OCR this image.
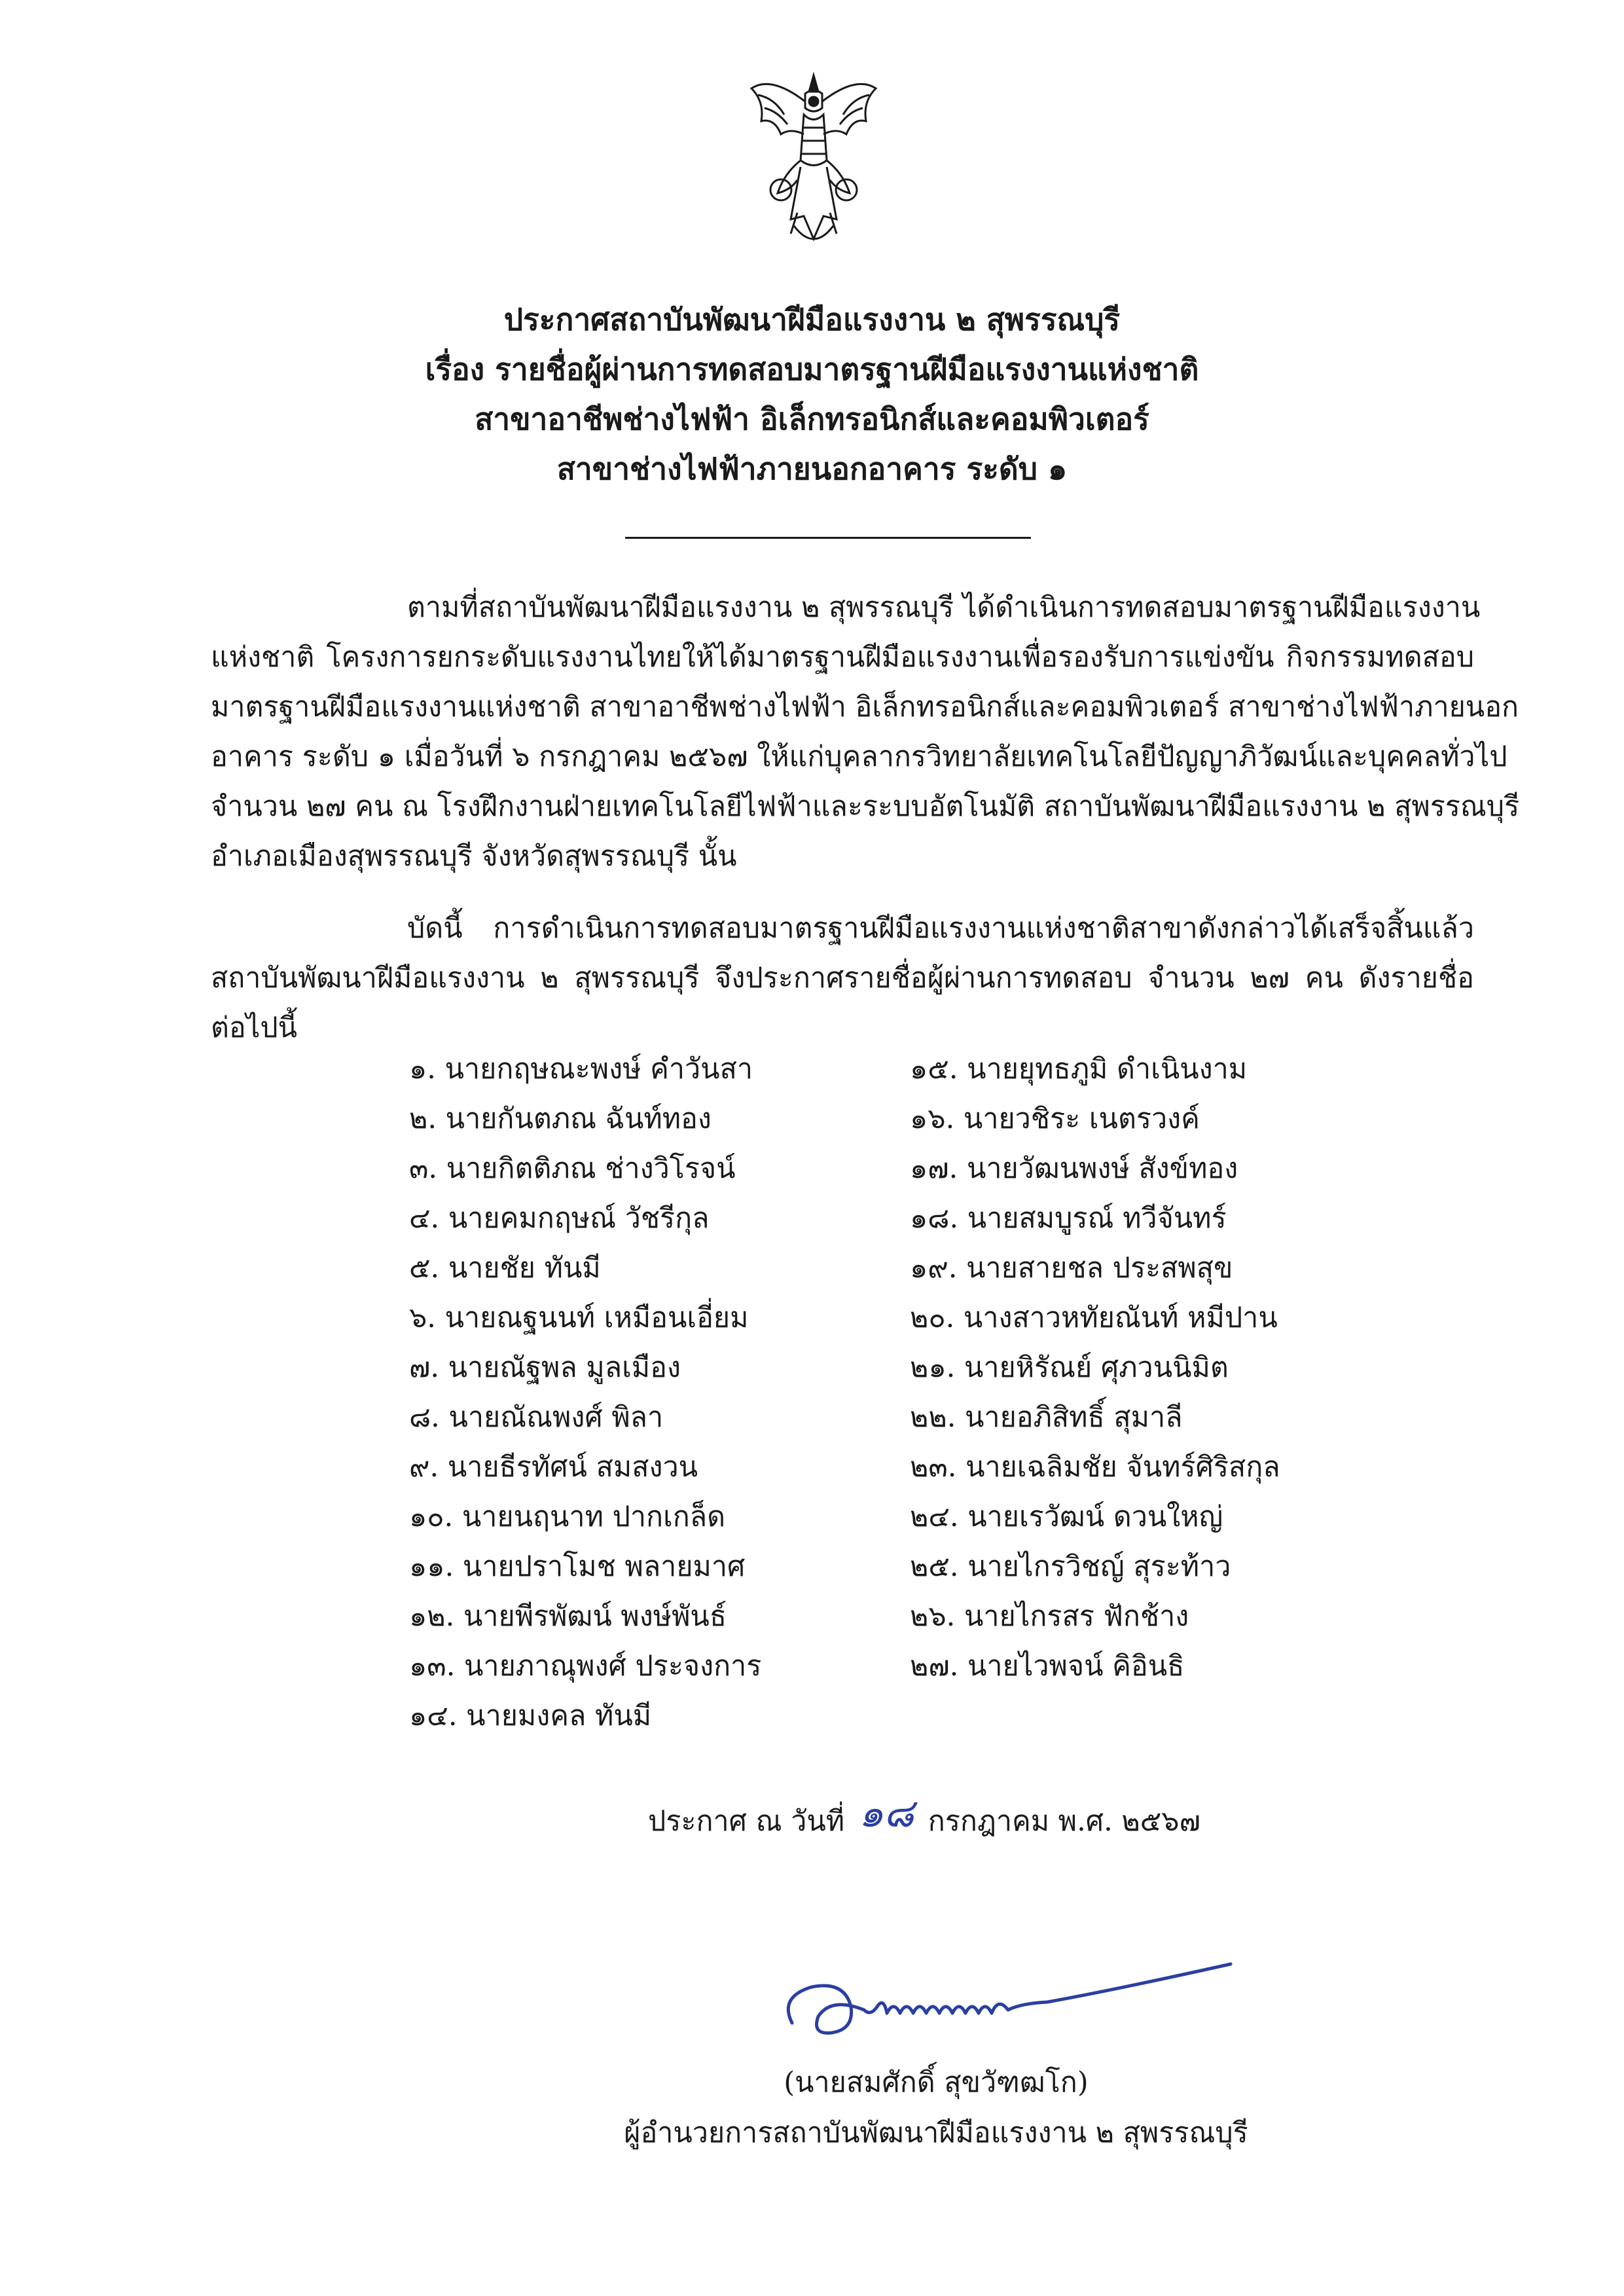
ประกาศสถาบันพัฒนาฝีมือแรงงาน ๒ สุพรรณบุรี
เรื่อง รายชื่อผู้ผ่านการทดสอบมาตรฐานฝีมือแรงงานแห่งชาติ
สาขาอาชีพช่างไฟฟ้า อิเล็กทรอนิกส์และคอมพิวเตอร์
สาขาช่างไฟฟ้าภายนอกอาคาร ระดับ ๑
ตามที่สถาบันพัฒนาฝีมือแรงงาน ๒ สุพรรณบุรี ได้ดำเนินการทดสอบมาตรฐานฝีมือแรงงาน
แห่งชาติ โครงการยกระดับแรงงานไทยให้ได้มาตรฐานฝีมือแรงงานเพื่อรองรับการแข่งขัน กิจกรรมทดสอบ
มาตรฐานฝีมือแรงงานแห่งชาติ สาขาอาชีพช่างไฟฟ้า อิเล็กทรอนิกส์และคอมพิวเตอร์ สาขาช่างไฟฟ้าภายนอก
อาคาร ระดับ ๑ เมื่อวันที่ ๖ กรกฎาคม ๒๕๖๗ ให้แก่บุคลากรวิทยาลัยเทคโนโลยีปัญญาภิวัฒน์และบุคคลทั่วไป
จำนวน ๒๗ คน ณ โรงฝึกงานฝ่ายเทคโนโลยีไฟฟ้าและระบบอัตโนมัติ สถาบันพัฒนาฝีมือแรงงาน ๒ สุพรรณบุรี
อำเภอเมืองสุพรรณบุรี จังหวัดสุพรรณบุรี นั้น
บัดนี้ การดำเนินการทดสอบมาตรฐานฝีมือแรงงานแห่งชาติสาขาดังกล่าวได้เสร็จสิ้นแล้ว
สถาบันพัฒนาฝีมือแรงงาน ๒ สุพรรณบุรี จึงประกาศรายชื่อผู้ผ่านการทดสอบ จำนวน ๒๗ คน ดังรายชื่อ
ต่อไปนี้
๑. นายกฤษณะพงษ์ คำวันสา
๒. นายกันตภณ ฉันท์ทอง
๓. นายกิตติภณ ช่างวิโรจน์
๔. นายคมกฤษณ์ วัชรีกุล
๕. นายชัย ทันมี
๖. นายณฐนนท์ เหมือนเอี่ยม
๗. นายณัฐพล มูลเมือง
๘. นายณัณพงศ์ พิลา
๙. นายธีรทัศน์ สมสงวน
๑๐. นายนฤนาท ปากเกล็ด
๑๑. นายปราโมช พลายมาศ
๑๒. นายพีรพัฒน์ พงษ์พันธ์
๑๓. นายภาณุพงศ์ ประจงการ
๑๔. นายมงคล ทันมี
๑๕. นายยุทธภูมิ ดำเนินงาม
๑๖. นายวชิระ เนตรวงค์
๑๗. นายวัฒนพงษ์ สังข์ทอง
๑๘. นายสมบูรณ์ ทวีจันทร์
๑๙. นายสายชล ประสพสุข
๒๐. นางสาวหทัยณันท์ หมีปาน
๒๑. นายหิรัณย์ ศุภวนนิมิต
๒๒. นายอภิสิทธิ์ สุมาลี
๒๓. นายเฉลิมชัย จันทร์ศิริสกุล
๒๔. นายเรวัฒน์ ดวนใหญ่
๒๕. นายไกรวิชญ์ สุระท้าว
๒๖. นายไกรสร ฟักช้าง
๒๗. นายไวพจน์ คิอินธิ
ประกาศ ณ วันที่ ๑๘ กรกฎาคม พ.ศ. ๒๕๖๗
(นายสมศักดิ์ สุขวัฑฒโก)
ผู้อำนวยการสถาบันพัฒนาฝีมือแรงงาน ๒ สุพรรณบุรี
